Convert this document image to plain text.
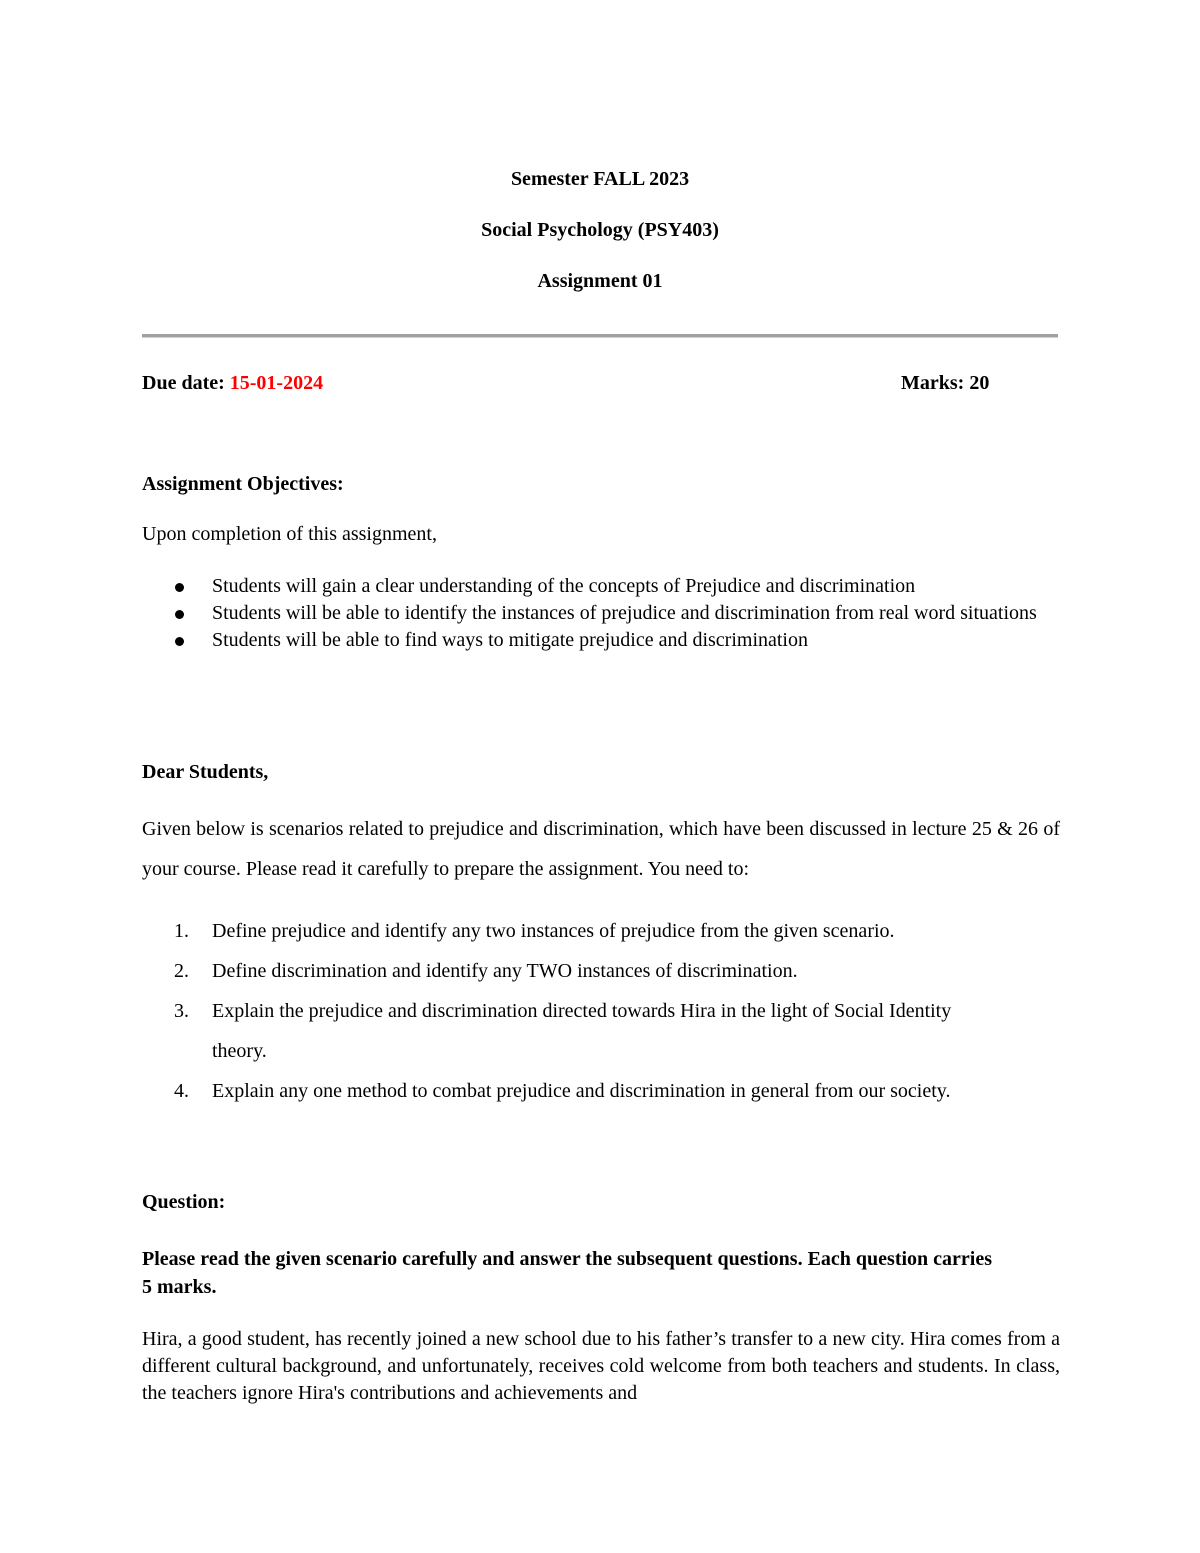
Semester FALL 2023
Social Psychology (PSY403)
Assignment 01
Due date: 15-01-2024	Marks: 20
Assignment Objectives:
Upon completion of this assignment,
Students will gain a clear understanding of the concepts of Prejudice and discrimination
Students will be able to identify the instances of prejudice and discrimination from real word situations
Students will be able to find ways to mitigate prejudice and discrimination
Dear Students,
Given below is scenarios related to prejudice and discrimination, which have been discussed in lecture 25 & 26 of your course. Please read it carefully to prepare the assignment. You need to:
1. Define prejudice and identify any two instances of prejudice from the given scenario.
2. Define discrimination and identify any TWO instances of discrimination.
3. Explain the prejudice and discrimination directed towards Hira in the light of Social Identity theory.
4. Explain any one method to combat prejudice and discrimination in general from our society.
Question:
Please read the given scenario carefully and answer the subsequent questions. Each question carries 5 marks.
Hira, a good student, has recently joined a new school due to his father’s transfer to a new city. Hira comes from a different cultural background, and unfortunately, receives cold welcome from both teachers and students. In class, the teachers ignore Hira's contributions and achievements and
